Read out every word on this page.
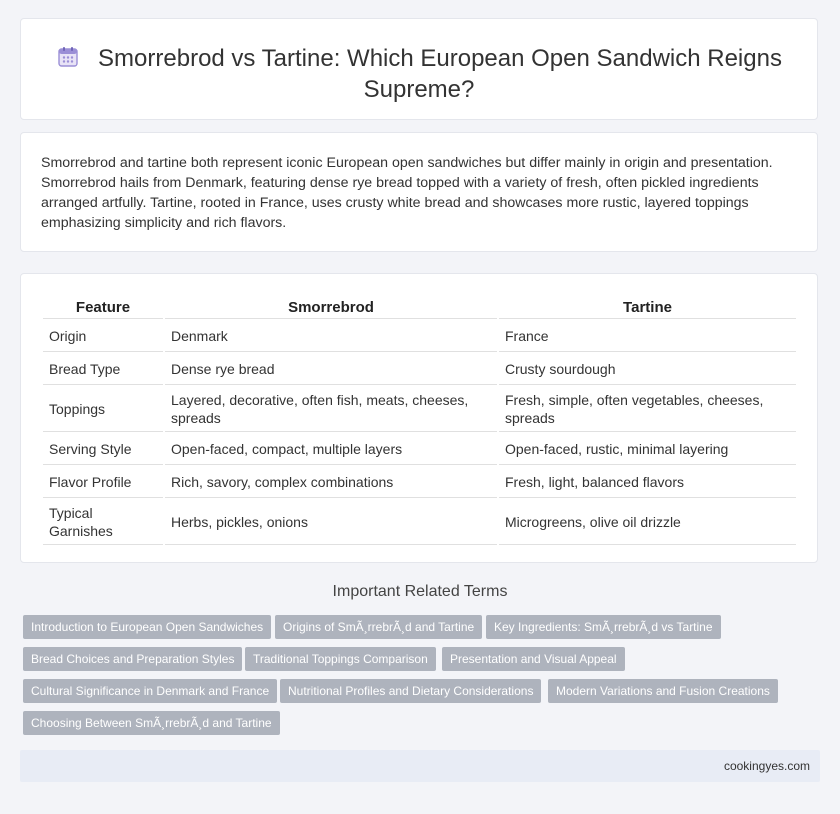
Smorrebrod vs Tartine: Which European Open Sandwich Reigns Supreme?

Smorrebrod and tartine both represent iconic European open sandwiches but differ mainly in origin and presentation. Smorrebrod hails from Denmark, featuring dense rye bread topped with a variety of fresh, often pickled ingredients arranged artfully. Tartine, rooted in France, uses crusty white bread and showcases more rustic, layered toppings emphasizing simplicity and rich flavors.

Feature	Smorrebrod	Tartine
Origin	Denmark	France
Bread Type	Dense rye bread	Crusty sourdough
Toppings	Layered, decorative, often fish, meats, cheeses, spreads	Fresh, simple, often vegetables, cheeses, spreads
Serving Style	Open-faced, compact, multiple layers	Open-faced, rustic, minimal layering
Flavor Profile	Rich, savory, complex combinations	Fresh, light, balanced flavors
Typical Garnishes	Herbs, pickles, onions	Microgreens, olive oil drizzle
Important Related Terms
Introduction to European Open Sandwiches	Origins of SmÃ¸rrebrÃ¸d and Tartine	Key Ingredients: SmÃ¸rrebrÃ¸d vs Tartine
Bread Choices and Preparation Styles	Traditional Toppings Comparison	Presentation and Visual Appeal
Cultural Significance in Denmark and France	Nutritional Profiles and Dietary Considerations	Modern Variations and Fusion Creations
Choosing Between SmÃ¸rrebrÃ¸d and Tartine
cookingyes.com
